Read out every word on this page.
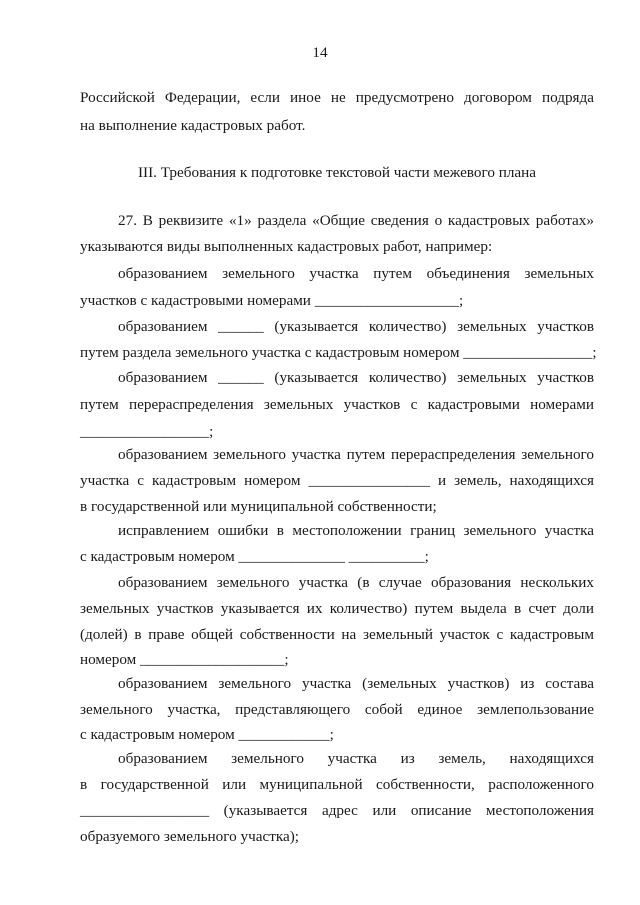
14
Российской Федерации, если иное не предусмотрено договором подряда
на выполнение кадастровых работ.
III. Требования к подготовке текстовой части межевого плана
27. В реквизите «1» раздела «Общие сведения о кадастровых работах»
указываются виды выполненных кадастровых работ, например:
образованием земельного участка путем объединения земельных
участков с кадастровыми номерами ___________________;
образованием ______ (указывается количество) земельных участков
путем раздела земельного участка с кадастровым номером _________________;
образованием ______ (указывается количество) земельных участков
путем перераспределения земельных участков с кадастровыми номерами
_________________;
образованием земельного участка путем перераспределения земельного
участка с кадастровым номером ________________ и земель, находящихся
в государственной или муниципальной собственности;
исправлением ошибки в местоположении границ земельного участка
с кадастровым номером ______________ __________;
образованием земельного участка (в случае образования нескольких
земельных участков указывается их количество) путем выдела в счет доли
(долей) в праве общей собственности на земельный участок с кадастровым
номером ___________________;
образованием земельного участка (земельных участков) из состава
земельного участка, представляющего собой единое землепользование
с кадастровым номером ____________;
образованием земельного участка из земель, находящихся
в государственной или муниципальной собственности, расположенного
_________________ (указывается адрес или описание местоположения
образуемого земельного участка);
